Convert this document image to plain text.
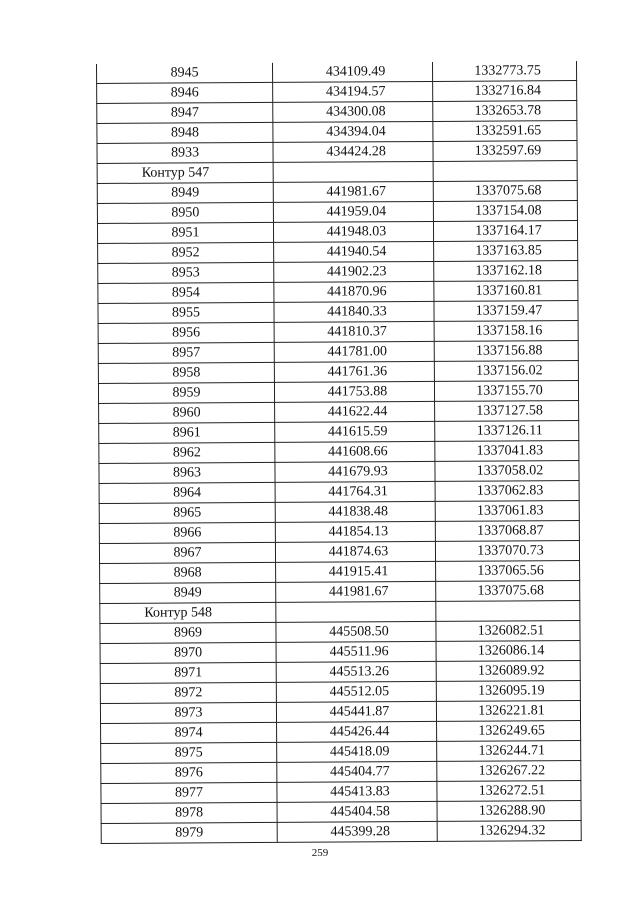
8945	434109.49	1332773.75
8946	434194.57	1332716.84
8947	434300.08	1332653.78
8948	434394.04	1332591.65
8933	434424.28	1332597.69
Контур 547		
8949	441981.67	1337075.68
8950	441959.04	1337154.08
8951	441948.03	1337164.17
8952	441940.54	1337163.85
8953	441902.23	1337162.18
8954	441870.96	1337160.81
8955	441840.33	1337159.47
8956	441810.37	1337158.16
8957	441781.00	1337156.88
8958	441761.36	1337156.02
8959	441753.88	1337155.70
8960	441622.44	1337127.58
8961	441615.59	1337126.11
8962	441608.66	1337041.83
8963	441679.93	1337058.02
8964	441764.31	1337062.83
8965	441838.48	1337061.83
8966	441854.13	1337068.87
8967	441874.63	1337070.73
8968	441915.41	1337065.56
8949	441981.67	1337075.68
Контур 548		
8969	445508.50	1326082.51
8970	445511.96	1326086.14
8971	445513.26	1326089.92
8972	445512.05	1326095.19
8973	445441.87	1326221.81
8974	445426.44	1326249.65
8975	445418.09	1326244.71
8976	445404.77	1326267.22
8977	445413.83	1326272.51
8978	445404.58	1326288.90
8979	445399.28	1326294.32
259
